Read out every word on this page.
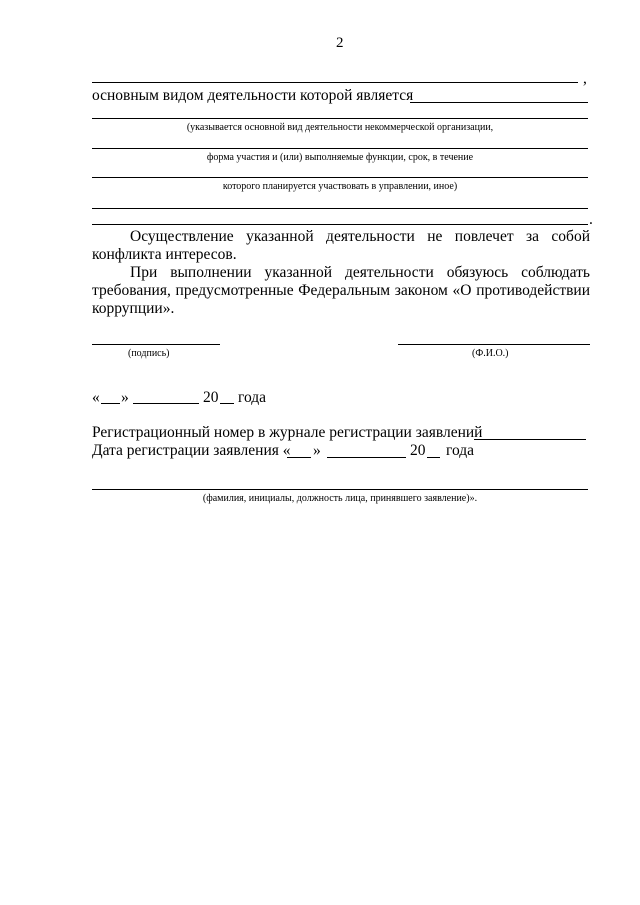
2
,
основным видом деятельности которой является
(указывается основной вид деятельности некоммерческой организации,
форма участия и (или) выполняемые функции, срок, в течение
которого планируется участвовать в управлении, иное)
.
Осуществление указанной деятельности не повлечет за собой
конфликта интересов.
При выполнении указанной деятельности обязуюсь соблюдать
требования, предусмотренные Федеральным законом «О противодействии
коррупции».
(подпись)	(Ф.И.О.)
« »	20 года
Регистрационный номер в журнале регистрации заявлений
Дата регистрации заявления « »	20 года
(фамилия, инициалы, должность лица, принявшего заявление)».
